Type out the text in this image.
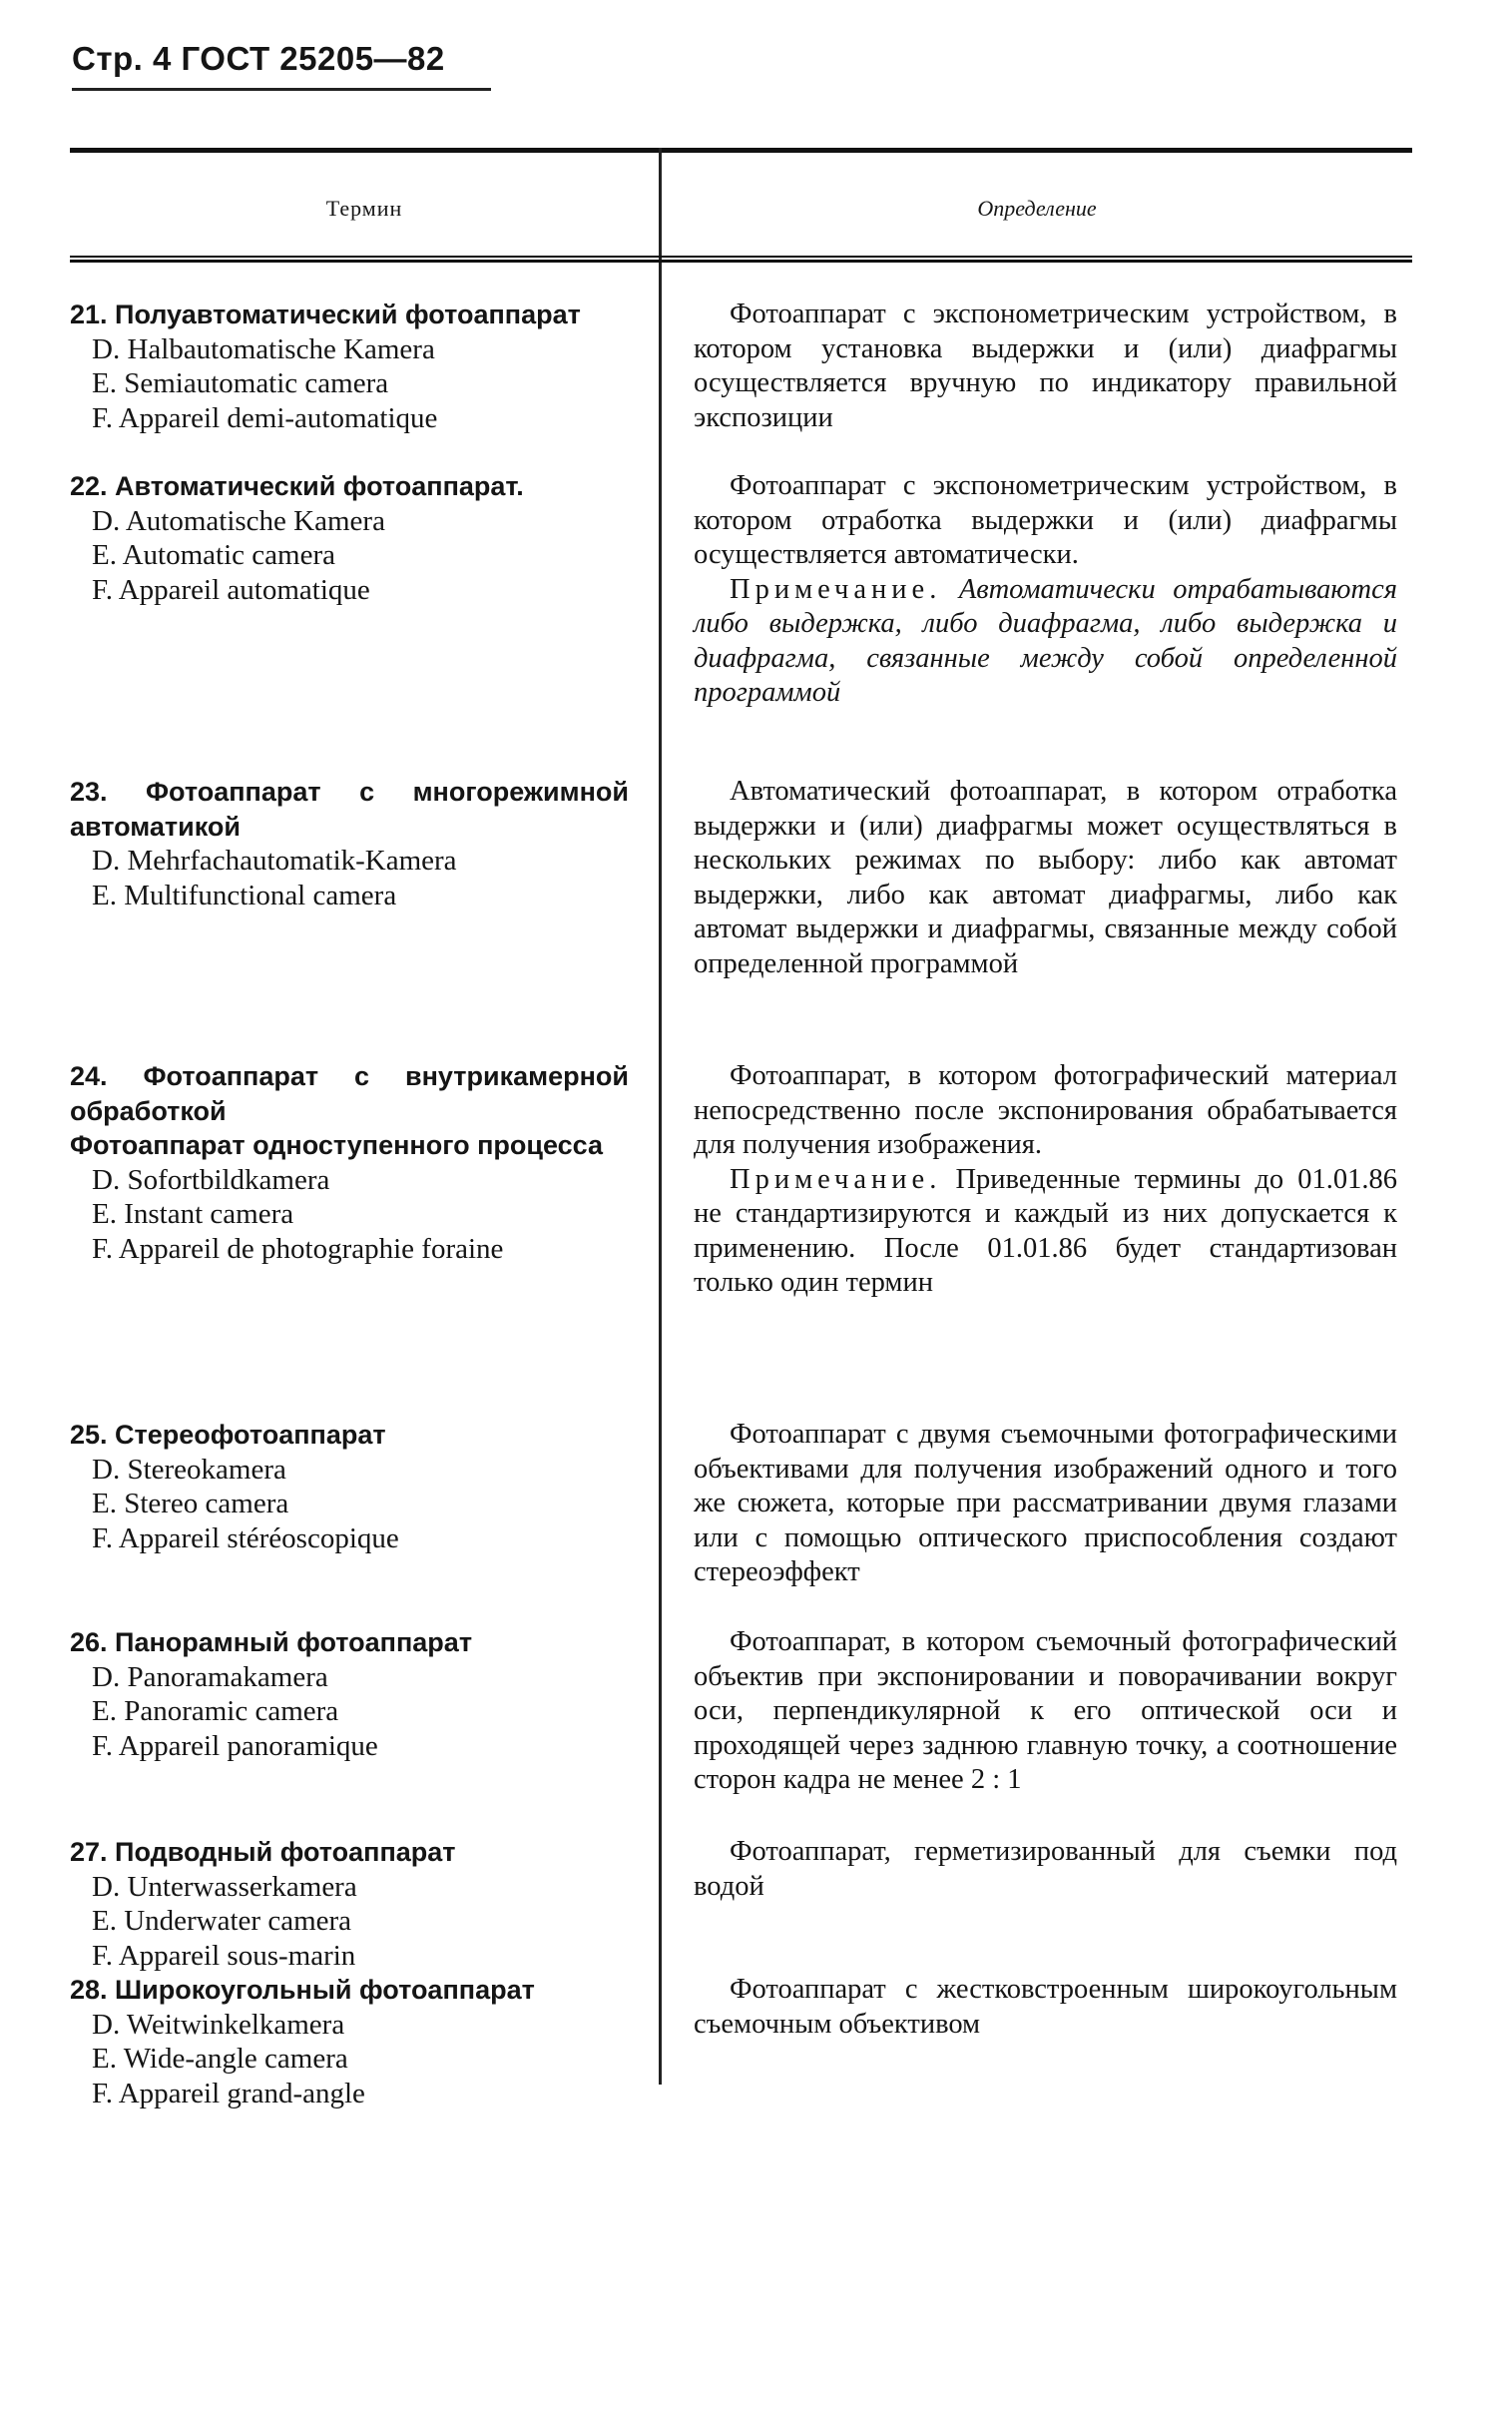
Стр. 4 ГОСТ 25205—82
Термин	Определение
21. Полуавтоматический фотоаппарат
D. Halbautomatische Kamera
E. Semiautomatic camera
F. Appareil demi-automatique
22. Автоматический фотоаппарат.
D. Automatische Kamera
E. Automatic camera
F. Appareil automatique
23. Фотоаппарат с многорежимной автоматикой
D. Mehrfachautomatik-Kamera
E. Multifunctional camera
24. Фотоаппарат с внутрикамерной обработкой
Фотоаппарат одноступенного процесса
D. Sofortbildkamera
E. Instant camera
F. Appareil de photographie foraine
25. Стереофотоаппарат
D. Stereokamera
E. Stereo camera
F. Appareil stéréoscopique
26. Панорамный фотоаппарат
D. Panoramakamera
E. Panoramic camera
F. Appareil panoramique
27. Подводный фотоаппарат
D. Unterwasserkamera
E. Underwater camera
F. Appareil sous-marin
28. Широкоугольный фотоаппарат
D. Weitwinkelkamera
E. Wide-angle camera
F. Appareil grand-angle
Фотоаппарат с экспонометрическим устройством, в котором установка выдержки и (или) диафрагмы осуществляется вручную по индикатору правильной экспозиции
Фотоаппарат с экспонометрическим устройством, в котором отработка выдержки и (или) диафрагмы осуществляется автоматически.
Примечание. Автоматически отрабатываются либо выдержка, либо диафрагма, либо выдержка и диафрагма, связанные между собой определенной программой
Автоматический фотоаппарат, в котором отработка выдержки и (или) диафрагмы может осуществляться в нескольких режимах по выбору: либо как автомат выдержки, либо как автомат диафрагмы, либо как автомат выдержки и диафрагмы, связанные между собой определенной программой
Фотоаппарат, в котором фотографический материал непосредственно после экспонирования обрабатывается для получения изображения.
Примечание. Приведенные термины до 01.01.86 не стандартизируются и каждый из них допускается к применению. После 01.01.86 будет стандартизован только один термин
Фотоаппарат с двумя съемочными фотографическими объективами для получения изображений одного и того же сюжета, которые при рассматривании двумя глазами или с помощью оптического приспособления создают стереоэффект
Фотоаппарат, в котором съемочный фотографический объектив при экспонировании и поворачивании вокруг оси, перпендикулярной к его оптической оси и проходящей через заднюю главную точку, а соотношение сторон кадра не менее 2 : 1
Фотоаппарат, герметизированный для съемки под водой
Фотоаппарат с жестковстроенным широкоугольным съемочным объективом
